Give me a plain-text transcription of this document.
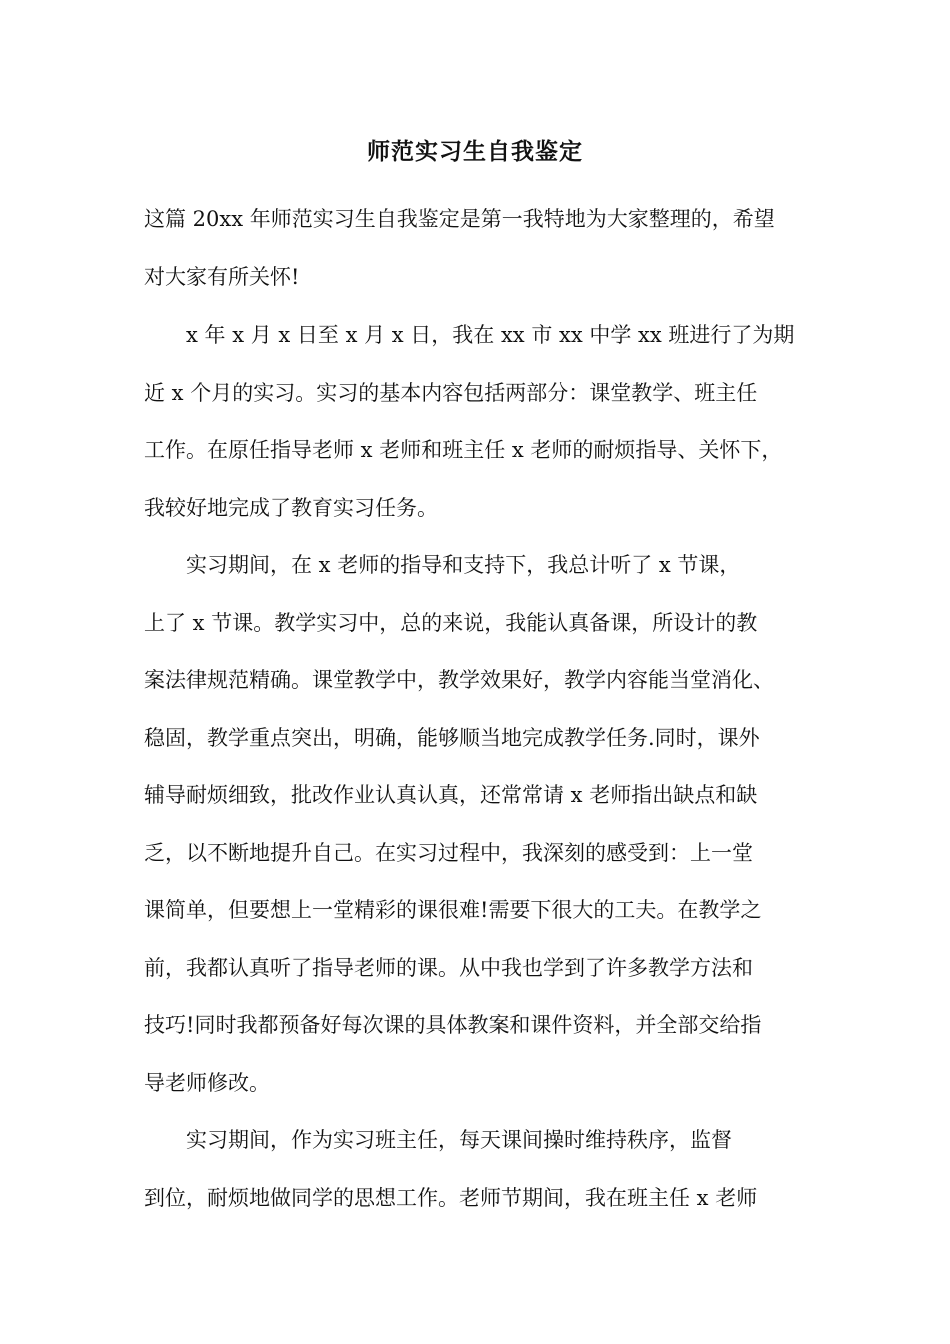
师范实习生自我鉴定
这篇 20xx 年师范实习生自我鉴定是第一我特地为大家整理的，希望
对大家有所关怀!
　　x 年 x 月 x 日至 x 月 x 日，我在 xx 市 xx 中学 xx 班进行了为期
近 x 个月的实习。实习的基本内容包括两部分：课堂教学、班主任
工作。在原任指导老师 x 老师和班主任 x 老师的耐烦指导、关怀下，
我较好地完成了教育实习任务。
　　实习期间，在 x 老师的指导和支持下，我总计听了 x 节课，
上了 x 节课。教学实习中，总的来说，我能认真备课，所设计的教
案法律规范精确。课堂教学中，教学效果好，教学内容能当堂消化、
稳固，教学重点突出，明确，能够顺当地完成教学任务.同时，课外
辅导耐烦细致，批改作业认真认真，还常常请 x 老师指出缺点和缺
乏，以不断地提升自己。在实习过程中，我深刻的感受到：上一堂
课简单，但要想上一堂精彩的课很难!需要下很大的工夫。在教学之
前，我都认真听了指导老师的课。从中我也学到了许多教学方法和
技巧!同时我都预备好每次课的具体教案和课件资料，并全部交给指
导老师修改。
　　实习期间，作为实习班主任，每天课间操时维持秩序，监督
到位，耐烦地做同学的思想工作。老师节期间，我在班主任 x 老师
